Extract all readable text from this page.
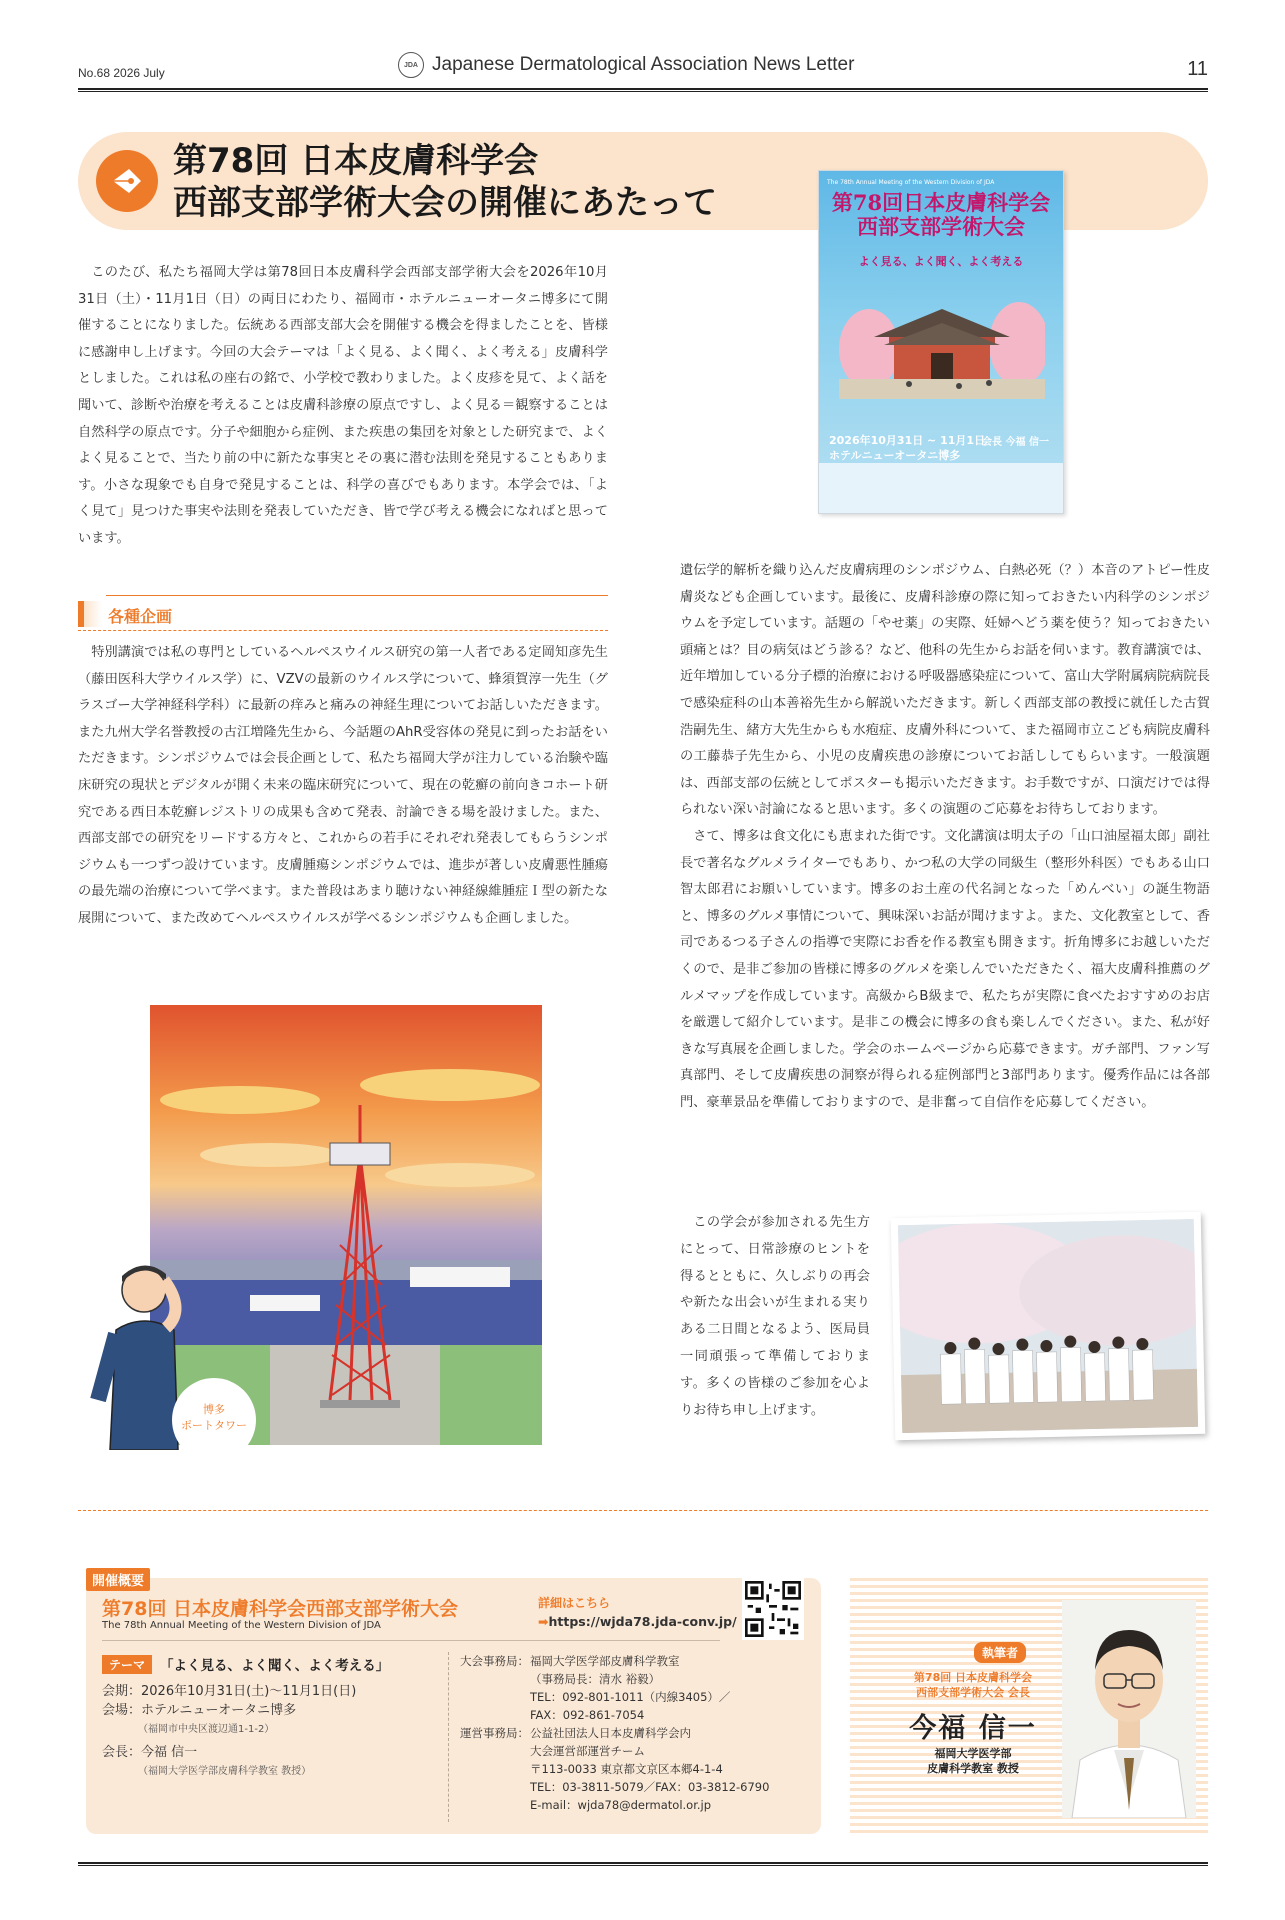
No.68 2026 July
JDA Japanese Dermatological Association News Letter	11
第78回 日本皮膚科学会
西部支部学術大会の開催にあたって
The 78th Annual Meeting of the Western Division of JDA
第78回日本皮膚科学会
西部支部学術大会
よく見る、よく聞く、よく考える
2026年10月31日 ~ 11月1日
ホテルニューオータニ博多
会長 今福 信一
このたび、私たち福岡大学は第78回日本皮膚科学会西部支部学術大会を2026年10月31日（土）・11月1日（日）の両日にわたり、福岡市・ホテルニューオータニ博多にて開催することになりました。伝統ある西部支部大会を開催する機会を得ましたことを、皆様に感謝申し上げます。今回の大会テーマは「よく見る、よく聞く、よく考える」皮膚科学としました。これは私の座右の銘で、小学校で教わりました。よく皮疹を見て、よく話を聞いて、診断や治療を考えることは皮膚科診療の原点ですし、よく見る＝観察することは自然科学の原点です。分子や細胞から症例、また疾患の集団を対象とした研究まで、よくよく見ることで、当たり前の中に新たな事実とその裏に潜む法則を発見することもあります。小さな現象でも自身で発見することは、科学の喜びでもあります。本学会では、「よく見て」見つけた事実や法則を発表していただき、皆で学び考える機会になればと思っています。
各種企画
特別講演では私の専門としているヘルペスウイルス研究の第一人者である定岡知彦先生（藤田医科大学ウイルス学）に、VZVの最新のウイルス学について、蜂須賀淳一先生（グラスゴー大学神経科学科）に最新の痒みと痛みの神経生理についてお話しいただきます。また九州大学名誉教授の古江増隆先生から、今話題のAhR受容体の発見に到ったお話をいただきます。シンポジウムでは会長企画として、私たち福岡大学が注力している治験や臨床研究の現状とデジタルが開く未来の臨床研究について、現在の乾癬の前向きコホート研究である西日本乾癬レジストリの成果も含めて発表、討論できる場を設けました。また、西部支部での研究をリードする方々と、これからの若手にそれぞれ発表してもらうシンポジウムも一つずつ設けています。皮膚腫瘍シンポジウムでは、進歩が著しい皮膚悪性腫瘍の最先端の治療について学べます。また普段はあまり聴けない神経線維腫症Ｉ型の新たな展開について、また改めてヘルペスウイルスが学べるシンポジウムも企画しました。
遺伝学的解析を織り込んだ皮膚病理のシンポジウム、白熱必死（？）本音のアトピー性皮膚炎なども企画しています。最後に、皮膚科診療の際に知っておきたい内科学のシンポジウムを予定しています。話題の「やせ薬」の実際、妊婦へどう薬を使う？知っておきたい頭痛とは？目の病気はどう診る？など、他科の先生からお話を伺います。教育講演では、近年増加している分子標的治療における呼吸器感染症について、富山大学附属病院病院長で感染症科の山本善裕先生から解説いただきます。新しく西部支部の教授に就任した古賀浩嗣先生、緒方大先生からも水疱症、皮膚外科について、また福岡市立こども病院皮膚科の工藤恭子先生から、小児の皮膚疾患の診療についてお話ししてもらいます。一般演題は、西部支部の伝統としてポスターも掲示いただきます。お手数ですが、口演だけでは得られない深い討論になると思います。多くの演題のご応募をお待ちしております。
さて、博多は食文化にも恵まれた街です。文化講演は明太子の「山口油屋福太郎」副社長で著名なグルメライターでもあり、かつ私の大学の同級生（整形外科医）でもある山口智太郎君にお願いしています。博多のお土産の代名詞となった「めんべい」の誕生物語と、博多のグルメ事情について、興味深いお話が聞けますよ。また、文化教室として、香司であるつる子さんの指導で実際にお香を作る教室も開きます。折角博多にお越しいただくので、是非ご参加の皆様に博多のグルメを楽しんでいただきたく、福大皮膚科推薦のグルメマップを作成しています。高級からB級まで、私たちが実際に食べたおすすめのお店を厳選して紹介しています。是非この機会に博多の食も楽しんでください。また、私が好きな写真展を企画しました。学会のホームページから応募できます。ガチ部門、ファン写真部門、そして皮膚疾患の洞察が得られる症例部門と3部門あります。優秀作品には各部門、豪華景品を準備しておりますので、是非奮って自信作を応募してください。
この学会が参加される先生方にとって、日常診療のヒントを得るとともに、久しぶりの再会や新たな出会いが生まれる実りある二日間となるよう、医局員一同頑張って準備しております。多くの皆様のご参加を心よりお待ち申し上げます。
博多
ポートタワー
開催概要
第78回 日本皮膚科学会西部支部学術大会
The 78th Annual Meeting of the Western Division of JDA
詳細はこちら
➡https://wjda78.jda-conv.jp/
テーマ	「よく見る、よく聞く、よく考える」
会期：2026年10月31日(土)〜11月1日(日)
会場：ホテルニューオータニ博多
（福岡市中央区渡辺通1-1-2）
会長：今福 信一
（福岡大学医学部皮膚科学教室 教授）
大会事務局： 福岡大学医学部皮膚科学教室
（事務局長：清水 裕毅）
TEL：092-801-1011（内線3405）／
FAX：092-861-7054
運営事務局： 公益社団法人日本皮膚科学会内
大会運営部運営チーム
〒113-0033 東京都文京区本郷4-1-4
TEL：03-3811-5079／FAX：03-3812-6790
E-mail：wjda78@dermatol.or.jp
執筆者
第78回 日本皮膚科学会
西部支部学術大会 会長
今福 信一
福岡大学医学部
皮膚科学教室 教授
